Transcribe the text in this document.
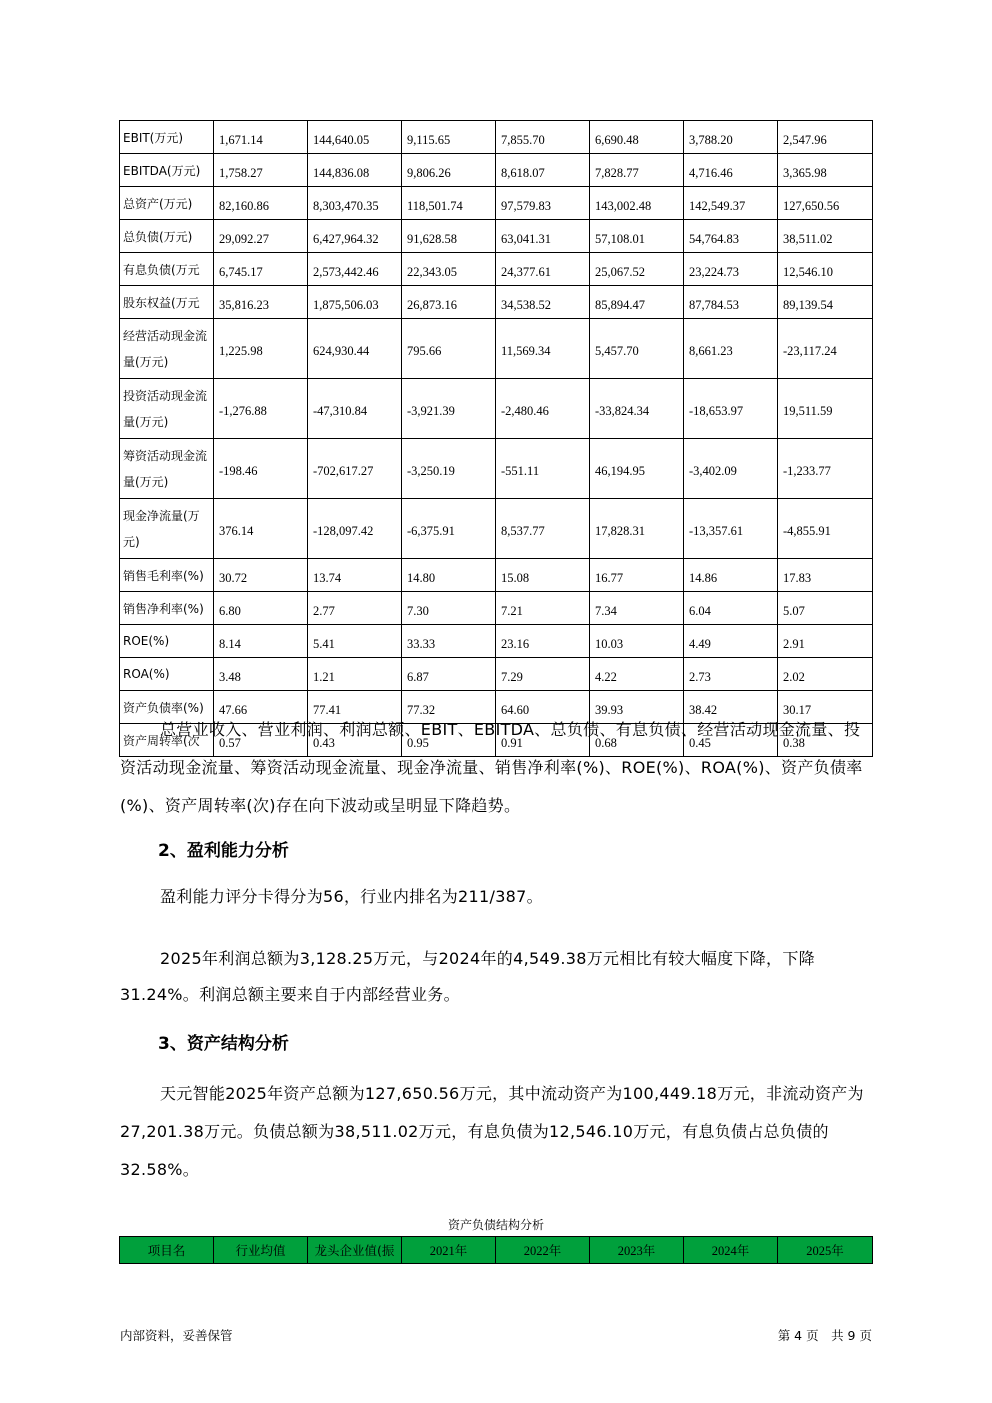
EBIT(万元)	1,671.14	144,640.05	9,115.65	7,855.70	6,690.48	3,788.20	2,547.96
EBITDA(万元)	1,758.27	144,836.08	9,806.26	8,618.07	7,828.77	4,716.46	3,365.98
总资产(万元)	82,160.86	8,303,470.35	118,501.74	97,579.83	143,002.48	142,549.37	127,650.56
总负债(万元)	29,092.27	6,427,964.32	91,628.58	63,041.31	57,108.01	54,764.83	38,511.02
有息负债(万元	6,745.17	2,573,442.46	22,343.05	24,377.61	25,067.52	23,224.73	12,546.10
股东权益(万元	35,816.23	1,875,506.03	26,873.16	34,538.52	85,894.47	87,784.53	89,139.54
经营活动现金流量(万元)	1,225.98	624,930.44	795.66	11,569.34	5,457.70	8,661.23	-23,117.24
投资活动现金流量(万元)	-1,276.88	-47,310.84	-3,921.39	-2,480.46	-33,824.34	-18,653.97	19,511.59
筹资活动现金流量(万元)	-198.46	-702,617.27	-3,250.19	-551.11	46,194.95	-3,402.09	-1,233.77
现金净流量(万元)	376.14	-128,097.42	-6,375.91	8,537.77	17,828.31	-13,357.61	-4,855.91
销售毛利率(%)	30.72	13.74	14.80	15.08	16.77	14.86	17.83
销售净利率(%)	6.80	2.77	7.30	7.21	7.34	6.04	5.07
ROE(%)	8.14	5.41	33.33	23.16	10.03	4.49	2.91
ROA(%)	3.48	1.21	6.87	7.29	4.22	2.73	2.02
资产负债率(%)	47.66	77.41	77.32	64.60	39.93	38.42	30.17
资产周转率(次	0.57	0.43	0.95	0.91	0.68	0.45	0.38

总营业收入、营业利润、利润总额、EBIT、EBITDA、总负债、有息负债、经营活动现金流量、投资活动现金流量、筹资活动现金流量、现金净流量、销售净利率(%)、ROE(%)、ROA(%)、资产负债率(%)、资产周转率(次)存在向下波动或呈明显下降趋势。

2、盈利能力分析

盈利能力评分卡得分为56，行业内排名为211/387。

2025年利润总额为3,128.25万元，与2024年的4,549.38万元相比有较大幅度下降，下降31.24%。利润总额主要来自于内部经营业务。

3、资产结构分析

天元智能2025年资产总额为127,650.56万元，其中流动资产为100,449.18万元，非流动资产为27,201.38万元。负债总额为38,511.02万元，有息负债为12,546.10万元，有息负债占总负债的32.58%。

资产负债结构分析
项目名	行业均值	龙头企业值(振	2021年	2022年	2023年	2024年	2025年
内部资料，妥善保管	第 4 页　共 9 页
